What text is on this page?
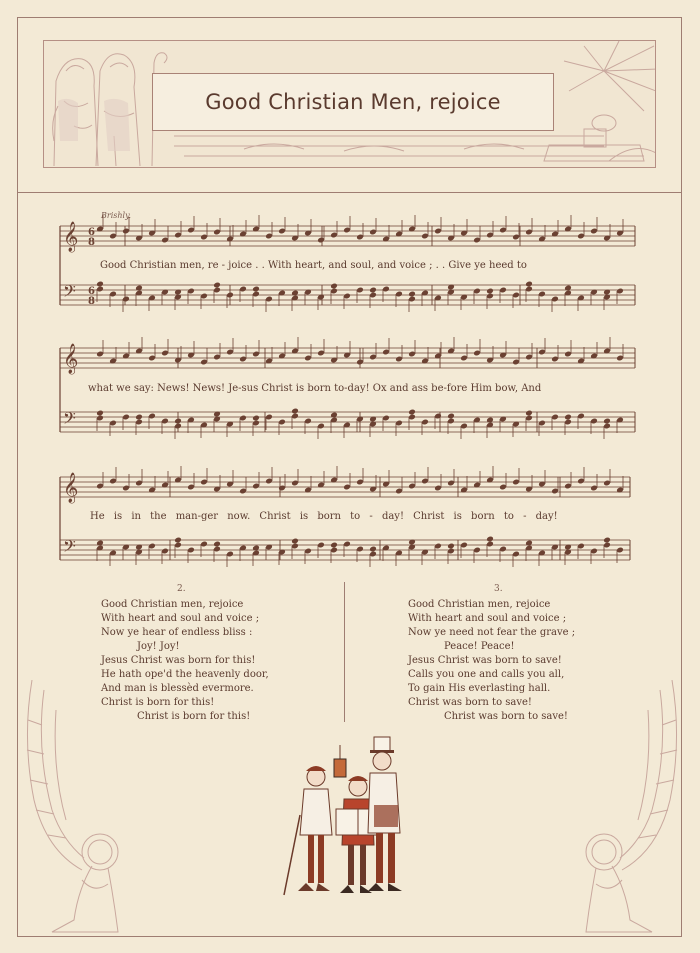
Good Christian Men, rejoice
Brishly.
𝄞
𝄢
𝄞
𝄢
𝄞
𝄢
6
8
6
8
Good Christian men, re - joice . . With heart, and soul, and voice ; . . Give ye heed to
what we say: News! News! Je-sus Christ is born to-day! Ox and ass be-fore Him bow, And
He is in the man-ger now. Christ is born to - day! Christ is born to - day!
2.
Good Christian men, rejoice
With heart and soul and voice ;
Now ye hear of endless bliss :
Joy! Joy!
Jesus Christ was born for this!
He hath ope'd the heavenly door,
And man is blessèd evermore.
Christ is born for this!
Christ is born for this!
3.
Good Christian men, rejoice
With heart and soul and voice ;
Now ye need not fear the grave ;
Peace! Peace!
Jesus Christ was born to save!
Calls you one and calls you all,
To gain His everlasting hall.
Christ was born to save!
Christ was born to save!
